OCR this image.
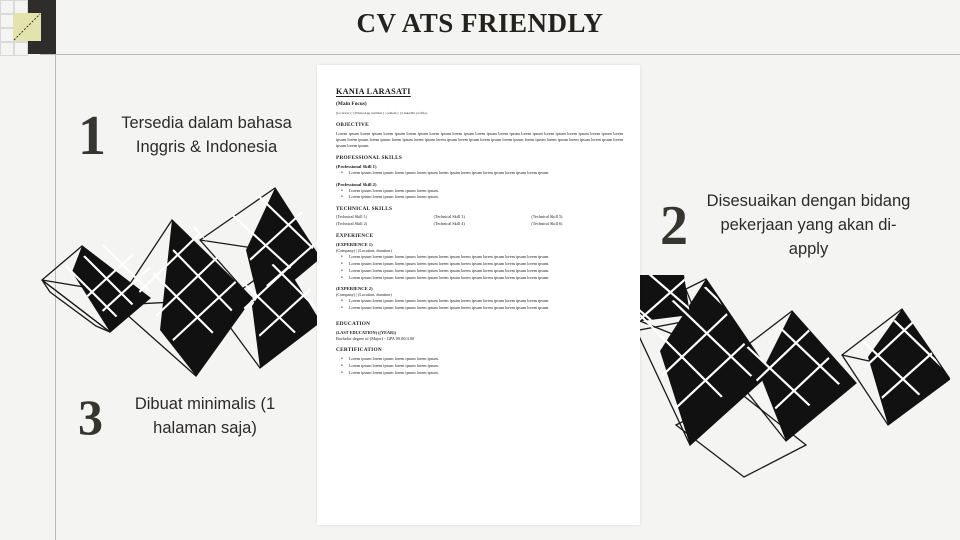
CV ATS FRIENDLY
1 Tersedia dalam bahasa Inggris & Indonesia
2 Disesuaikan dengan bidang pekerjaan yang akan di-apply
3	Dibuat minimalis (1 halaman saja)
KANIA LARASATI
(Main Focus)
(location) | (WhatsApp number) | (email) | (LinkedIn profile)
OBJECTIVE

Lorem ipsum lorem ipsum lorem ipsum lorem ipsum lorem ipsum lorem ipsum lorem ipsum lorem ipsum lorem ipsum lorem ipsum lorem ipsum lorem ipsum lorem ipsum lorem ipsum lorem ipsum lorem ipsum lorem ipsum lorem ipsum lorem ipsum lorem ipsum lorem ipsum lorem ipsum lorem ipsum lorem ipsum lorem ipsum lorem ipsum lorem ipsum.

PROFESSIONAL SKILLS
(Professional Skill 1)
● Lorem ipsum lorem ipsum lorem ipsum lorem ipsum lorem ipsum lorem ipsum lorem ipsum lorem ipsum lorem ipsum.
(Professional Skill 2)
● Lorem ipsum lorem ipsum lorem ipsum lorem ipsum.
● Lorem ipsum lorem ipsum lorem ipsum lorem ipsum.
TECHNICAL SKILLS
(Technical Skill 1)	(Technical Skill 3)	(Technical Skill 5)
(Technical Skill 2)	(Technical Skill 4)	(Technical Skill 6)
EXPERIENCE
(EXPERIENCE 1)
(Company) | (Location, duration)
● Lorem ipsum lorem ipsum lorem ipsum lorem ipsum lorem ipsum lorem ipsum lorem ipsum lorem ipsum lorem ipsum.
● Lorem ipsum lorem ipsum lorem ipsum lorem ipsum lorem ipsum lorem ipsum lorem ipsum lorem ipsum lorem ipsum.
● Lorem ipsum lorem ipsum lorem ipsum lorem ipsum lorem ipsum lorem ipsum lorem ipsum lorem ipsum lorem ipsum.
● Lorem ipsum lorem ipsum lorem ipsum lorem ipsum lorem ipsum lorem ipsum lorem ipsum lorem ipsum lorem ipsum.
(EXPERIENCE 2)
(Company) | (Location, duration)
● Lorem ipsum lorem ipsum lorem ipsum lorem ipsum lorem ipsum lorem ipsum lorem ipsum lorem ipsum lorem ipsum.
● Lorem ipsum lorem ipsum lorem ipsum lorem ipsum lorem ipsum lorem ipsum lorem ipsum lorem ipsum lorem ipsum.
EDUCATION
(LAST EDUCATION) ((YEAR))
Bachelor degree of (Major) - GPA 00.00/4.00
CERTIFICATION
● Lorem ipsum lorem ipsum lorem ipsum lorem ipsum.
● Lorem ipsum lorem ipsum lorem ipsum lorem ipsum.
● Lorem ipsum lorem ipsum lorem ipsum lorem ipsum.
